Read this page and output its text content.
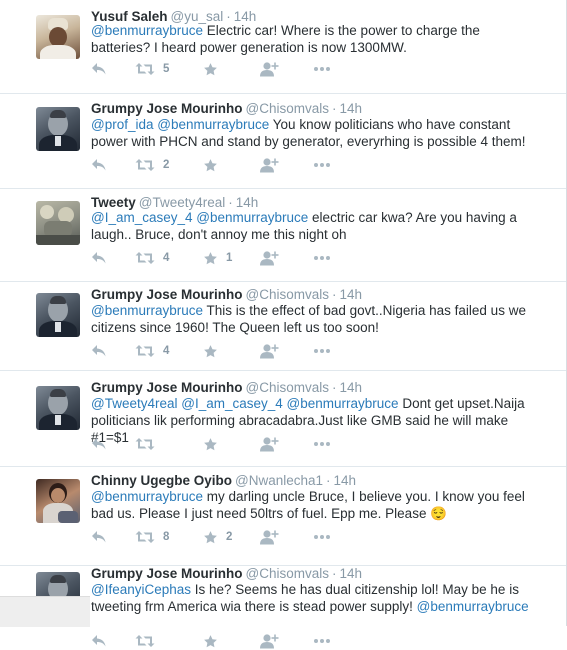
Yusuf Saleh @yu_sal · 14h
@benmurraybruce Electric car! Where is the power to charge the batteries? I heard power generation is now 1300MW.
5
Grumpy Jose Mourinho @Chisomvals · 14h
@prof_ida @benmurraybruce You know politicians who have constant power with PHCN and stand by generator, everyrhing is possible 4 them!
2
Tweety @Tweety4real · 14h
@I_am_casey_4 @benmurraybruce electric car kwa? Are you having a laugh.. Bruce, don't annoy me this night oh
4	1
Grumpy Jose Mourinho @Chisomvals · 14h
@benmurraybruce This is the effect of bad govt..Nigeria has failed us we citizens since 1960! The Queen left us too soon!
4
Grumpy Jose Mourinho @Chisomvals · 14h
@Tweety4real @I_am_casey_4 @benmurraybruce Dont get upset.Naija politicians lik performing abracadabra.Just like GMB said he will make #1=$1
Chinny Ugegbe Oyibo @Nwanlecha1 · 14h
@benmurraybruce my darling uncle Bruce, I believe you. I know you feel bad us. Please I just need 50ltrs of fuel. Epp me. Please 😌
8	2
Grumpy Jose Mourinho @Chisomvals · 14h
@IfeanyiCephas Is he? Seems he has dual citizenship lol! May be he is tweeting frm America wia there is stead power supply! @benmurraybruce
